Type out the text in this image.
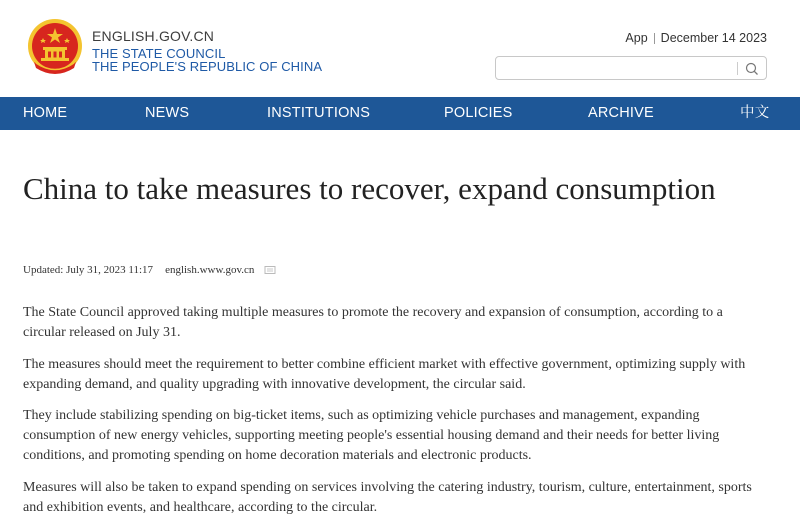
ENGLISH.GOV.CN
THE STATE COUNCIL
THE PEOPLE'S REPUBLIC OF CHINA
App December 14 2023
HOME	NEWS	INSTITUTIONS	POLICIES	ARCHIVE	中文
China to take measures to recover, expand consumption
Updated: July 31, 2023 11:17 english.www.gov.cn

The State Council approved taking multiple measures to promote the recovery and expansion of consumption, according to a circular released on July 31.

The measures should meet the requirement to better combine efficient market with effective government, optimizing supply with expanding demand, and quality upgrading with innovative development, the circular said.

They include stabilizing spending on big-ticket items, such as optimizing vehicle purchases and management, expanding consumption of new energy vehicles, supporting meeting people's essential housing demand and their needs for better living conditions, and promoting spending on home decoration materials and electronic products.

Measures will also be taken to expand spending on services involving the catering industry, tourism, culture, entertainment, sports and exhibition events, and healthcare, according to the circular.
